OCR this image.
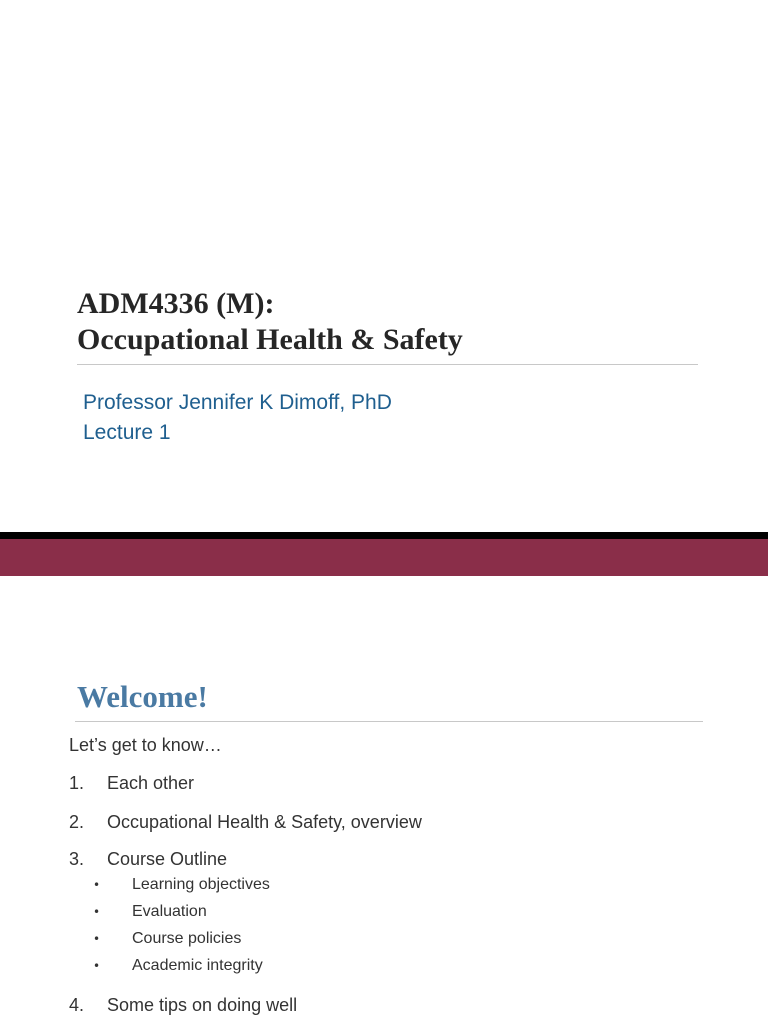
ADM4336 (M):
Occupational Health & Safety
Professor Jennifer K Dimoff, PhD
Lecture 1
Welcome!
Let’s get to know…
1. Each other
2. Occupational Health & Safety, overview
3. Course Outline
• Learning objectives
• Evaluation
• Course policies
• Academic integrity
4. Some tips on doing well
